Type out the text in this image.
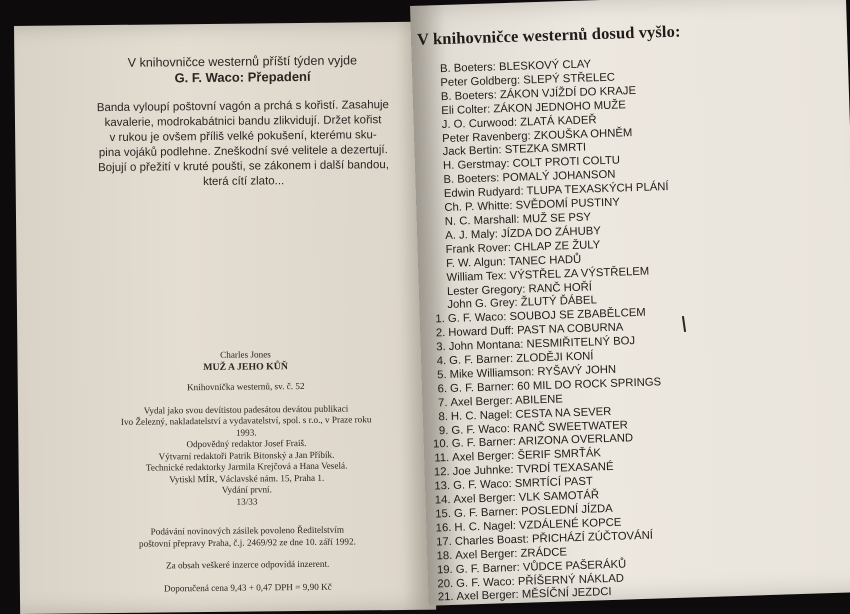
V knihovničce westernů příští týden vyjde

G. F. Waco: Přepadení

Banda vyloupí poštovní vagón a prchá s kořistí. Zasahuje

kavalerie, modrokabátnici bandu zlikvidují. Držet kořist

v rukou je ovšem příliš velké pokušení, kterému sku-

pina vojáků podlehne. Zneškodní své velitele a dezertují.

Bojují o přežití v kruté poušti, se zákonem i další bandou,

která cítí zlato...

Charles Jones

MUŽ A JEHO KŮŇ

Knihovnička westernů, sv. č. 52

Vydal jako svou devítistou padesátou devátou publikaci

Ivo Železný, nakladatelství a vydavatelství, spol. s r.o., v Praze roku 1993.

Odpovědný redaktor Josef Fraiš.

Výtvarní redaktoři Patrik Bitonský a Jan Příbík.

Technické redaktorky Jarmila Krejčová a Hana Veselá.

Vytiskl MÍR, Václavské nám. 15, Praha 1.

Vydání první.

13/33

Podávání novinových zásilek povoleno Ředitelstvím

poštovní přepravy Praha, č.j. 2469/92 ze dne 10. září 1992.

Za obsah veškeré inzerce odpovídá inzerent.

Doporučená cena 9,43 + 0,47 DPH = 9,90 Kč

V knihovničce westernů dosud vyšlo:
B. Boeters: BLESKOVÝ CLAY
Peter Goldberg: SLEPÝ STŘELEC
B. Boeters: ZÁKON VJÍŽDÍ DO KRAJE
Eli Colter: ZÁKON JEDNOHO MUŽE
J. O. Curwood: ZLATÁ KADEŘ
Peter Ravenberg: ZKOUŠKA OHNĚM
Jack Bertin: STEZKA SMRTI
H. Gerstmay: COLT PROTI COLTU
B. Boeters: POMALÝ JOHANSON
Edwin Rudyard: TLUPA TEXASKÝCH PLÁNÍ
Ch. P. Whitte: SVĚDOMÍ PUSTINY
N. C. Marshall: MUŽ SE PSY
A. J. Maly: JÍZDA DO ZÁHUBY
Frank Rover: CHLAP ZE ŽULY
F. W. Algun: TANEC HADŮ
William Tex: VÝSTŘEL ZA VÝSTŘELEM
Lester Gregory: RANČ HOŘÍ
John G. Grey: ŽLUTÝ ĎÁBEL
1. G. F. Waco: SOUBOJ SE ZBABĚLCEM
2. Howard Duff: PAST NA COBURNA
3. John Montana: NESMIŘITELNÝ BOJ
4. G. F. Barner: ZLODĚJI KONÍ
5. Mike Williamson: RYŠAVÝ JOHN
6. G. F. Barner: 60 MIL DO ROCK SPRINGS
7. Axel Berger: ABILENE
8. H. C. Nagel: CESTA NA SEVER
9. G. F. Waco: RANČ SWEETWATER
10. G. F. Barner: ARIZONA OVERLAND
11. Axel Berger: ŠERIF SMRŤÁK
12. Joe Juhnke: TVRDÍ TEXASANÉ
13. G. F. Waco: SMRTÍCÍ PAST
14. Axel Berger: VLK SAMOTÁŘ
15. G. F. Barner: POSLEDNÍ JÍZDA
16. H. C. Nagel: VZDÁLENÉ KOPCE
17. Charles Boast: PŘICHÁZÍ ZÚČTOVÁNÍ
18. Axel Berger: ZRÁDCE
19. G. F. Barner: VŮDCE PAŠERÁKŮ
20. G. F. Waco: PŘÍŠERNÝ NÁKLAD
21. Axel Berger: MĚSÍČNÍ JEZDCI
